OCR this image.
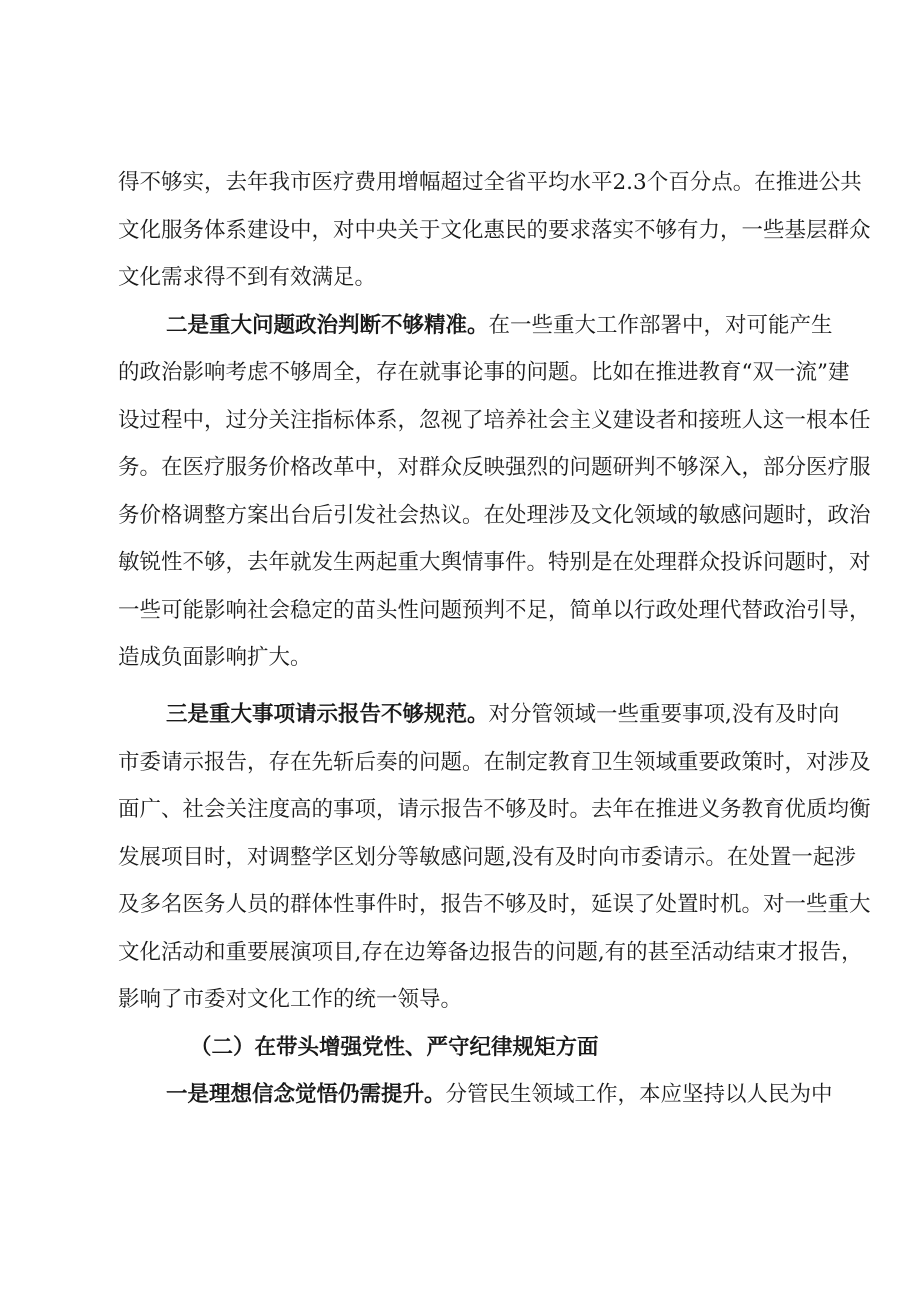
得不够实，去年我市医疗费用增幅超过全省平均水平2.3个百分点。在推进公共
文化服务体系建设中，对中央关于文化惠民的要求落实不够有力，一些基层群众
文化需求得不到有效满足。
二是重大问题政治判断不够精准。在一些重大工作部署中，对可能产生
的政治影响考虑不够周全，存在就事论事的问题。比如在推进教育“双一流”建
设过程中，过分关注指标体系，忽视了培养社会主义建设者和接班人这一根本任
务。在医疗服务价格改革中，对群众反映强烈的问题研判不够深入，部分医疗服
务价格调整方案出台后引发社会热议。在处理涉及文化领域的敏感问题时，政治
敏锐性不够，去年就发生两起重大舆情事件。特别是在处理群众投诉问题时，对
一些可能影响社会稳定的苗头性问题预判不足，简单以行政处理代替政治引导，
造成负面影响扩大。
三是重大事项请示报告不够规范。对分管领域一些重要事项,没有及时向
市委请示报告，存在先斩后奏的问题。在制定教育卫生领域重要政策时，对涉及
面广、社会关注度高的事项，请示报告不够及时。去年在推进义务教育优质均衡
发展项目时，对调整学区划分等敏感问题,没有及时向市委请示。在处置一起涉
及多名医务人员的群体性事件时，报告不够及时，延误了处置时机。对一些重大
文化活动和重要展演项目,存在边筹备边报告的问题,有的甚至活动结束才报告，
影响了市委对文化工作的统一领导。
（二）在带头增强党性、严守纪律规矩方面
一是理想信念觉悟仍需提升。分管民生领域工作，本应坚持以人民为中
